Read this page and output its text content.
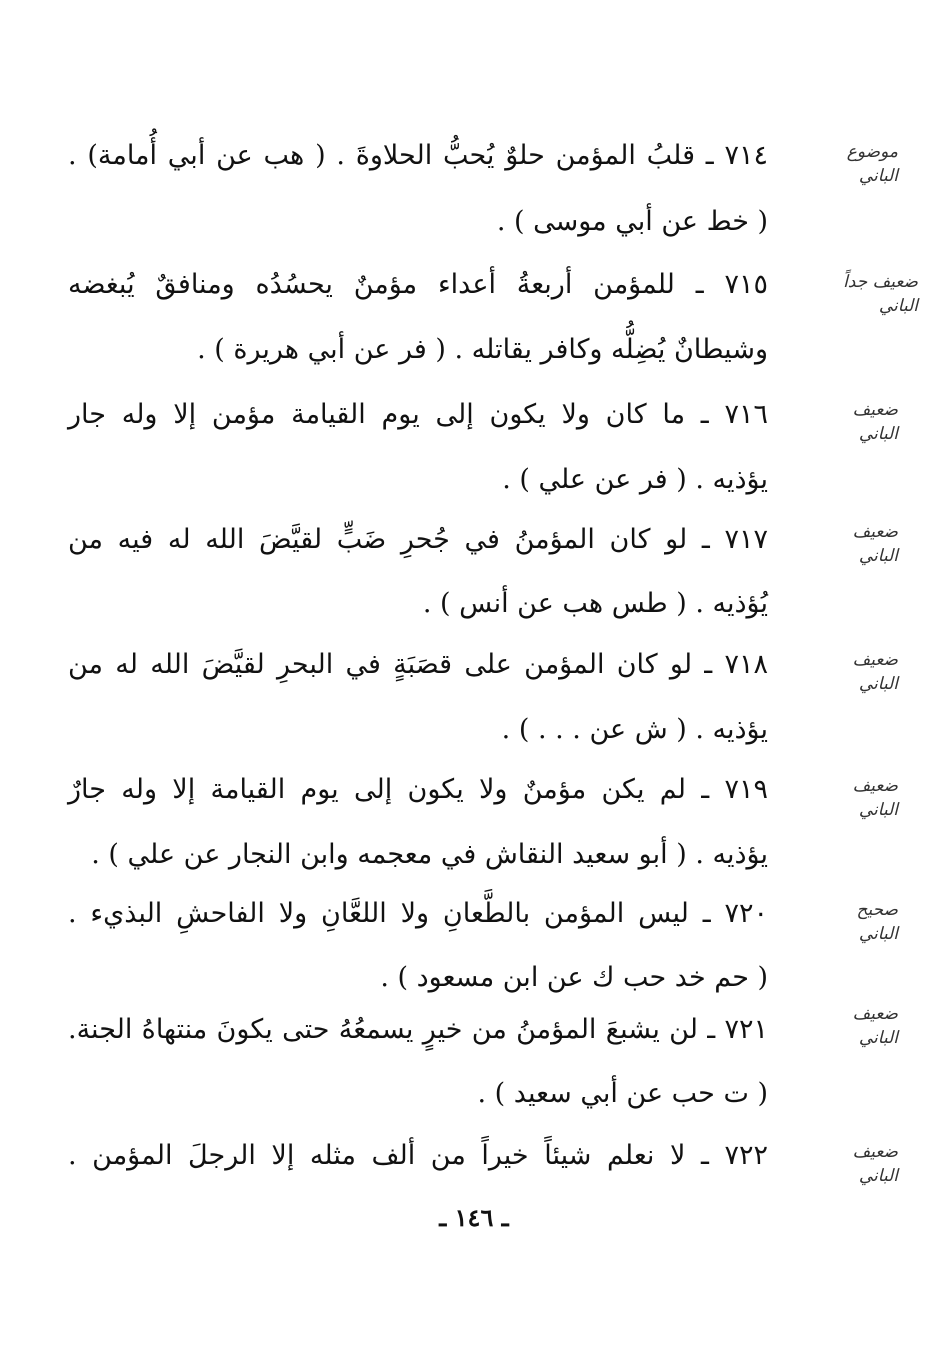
موضوع
الباني
٧١٤ ـ قلبُ المؤمن حلوٌ يُحبُّ الحلاوةَ . ( هب عن أبي أُمامة) .
( خط عن أبي موسى ) .
ضعيف جداً
الباني
٧١٥ ـ للمؤمن أربعةُ أعداء مؤمنٌ يحسُدُه ومنافقٌ يُبغضه
وشيطانٌ يُضِلُّه وكافر يقاتله . ( فر عن أبي هريرة ) .
ضعيف
الباني
٧١٦ ـ ما كان ولا يكون إلى يوم القيامة مؤمن إلا وله جار
يؤذيه . ( فر عن علي ) .
ضعيف
الباني
٧١٧ ـ لو كان المؤمنُ في جُحرِ ضَبٍّ لقيَّضَ الله له فيه من
يُؤذيه . ( طس هب عن أنس ) .
ضعيف
الباني
٧١٨ ـ لو كان المؤمن على قصَبَةٍ في البحرِ لقيَّضَ الله له من
يؤذيه . ( ش عن . . . ) .
ضعيف
الباني
٧١٩ ـ لم يكن مؤمنٌ ولا يكون إلى يوم القيامة إلا وله جارٌ
يؤذيه . ( أبو سعيد النقاش في معجمه وابن النجار عن علي ) .
صحيح
الباني
٧٢٠ ـ ليس المؤمن بالطَّعانِ ولا اللعَّانِ ولا الفاحشِ البذيء .
( حم خد حب ك عن ابن مسعود ) .
ضعيف
الباني
٧٢١ ـ لن يشبعَ المؤمنُ من خيرٍ يسمعُهُ حتى يكونَ منتهاهُ الجنة.
( ت حب عن أبي سعيد ) .
ضعيف
الباني
٧٢٢ ـ لا نعلم شيئاً خيراً من ألف مثله إلا الرجلَ المؤمن .
ـ ١٤٦ ـ
